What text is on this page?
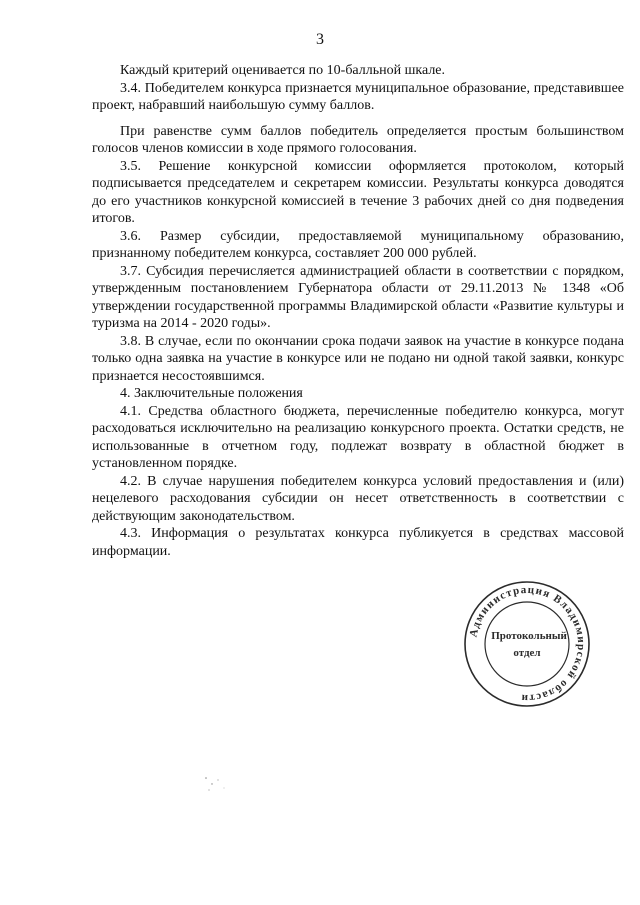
3

Каждый критерий оценивается по 10-балльной шкале.

3.4. Победителем конкурса признается муниципальное образование, представившее проект, набравший наибольшую сумму баллов.

При равенстве сумм баллов победитель определяется простым большинством голосов членов комиссии в ходе прямого голосования.

3.5. Решение конкурсной комиссии оформляется протоколом, который подписывается председателем и секретарем комиссии. Результаты конкурса доводятся до его участников конкурсной комиссией в течение 3 рабочих дней со дня подведения итогов.

3.6. Размер субсидии, предоставляемой муниципальному образованию, признанному победителем конкурса, составляет 200 000 рублей.

3.7. Субсидия перечисляется администрацией области в соответствии с порядком, утвержденным постановлением Губернатора области от 29.11.2013 № 1348 «Об утверждении государственной программы Владимирской области «Развитие культуры и туризма на 2014 - 2020 годы».

3.8. В случае, если по окончании срока подачи заявок на участие в конкурсе подана только одна заявка на участие в конкурсе или не подано ни одной такой заявки, конкурс признается несостоявшимся.

4. Заключительные положения

4.1. Средства областного бюджета, перечисленные победителю конкурса, могут расходоваться исключительно на реализацию конкурсного проекта. Остатки средств, не использованные в отчетном году, подлежат возврату в областной бюджет в установленном порядке.

4.2. В случае нарушения победителем конкурса условий предоставления и (или) нецелевого расходования субсидии он несет ответственность в соответствии с действующим законодательством.

4.3. Информация о результатах конкурса публикуется в средствах массовой информации.

Администрация Владимирской области
Протокольный
отдел
